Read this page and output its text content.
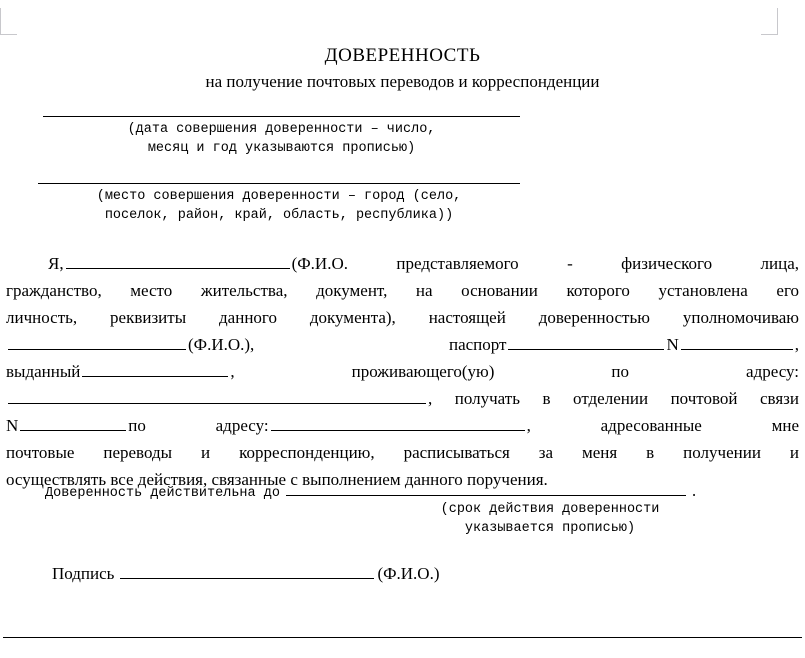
ДОВЕРЕННОСТЬ
на получение почтовых переводов и корреспонденции
(дата совершения доверенности – число,
месяц и год указываются прописью)
(место совершения доверенности – город (село,
поселок, район, край, область, республика))

Я,	(Ф.И.О. представляемого - физического лица,

гражданство, место жительства, документ, на основании которого установлена его

личность, реквизиты данного документа), настоящей доверенностью уполномочиваю

(Ф.И.О.),	паспорт	N	,

выданный	,	проживающего(ую)	по	адресу:

, получать в отделении почтовой связи

N	по	адресу:	, адресованные мне

почтовые переводы и корреспонденцию, расписываться за меня в получении и

осуществлять все действия, связанные с выполнением данного поручения.

Доверенность действительна до	.
(срок действия доверенности
указывается прописью)
Подпись	(Ф.И.О.)
